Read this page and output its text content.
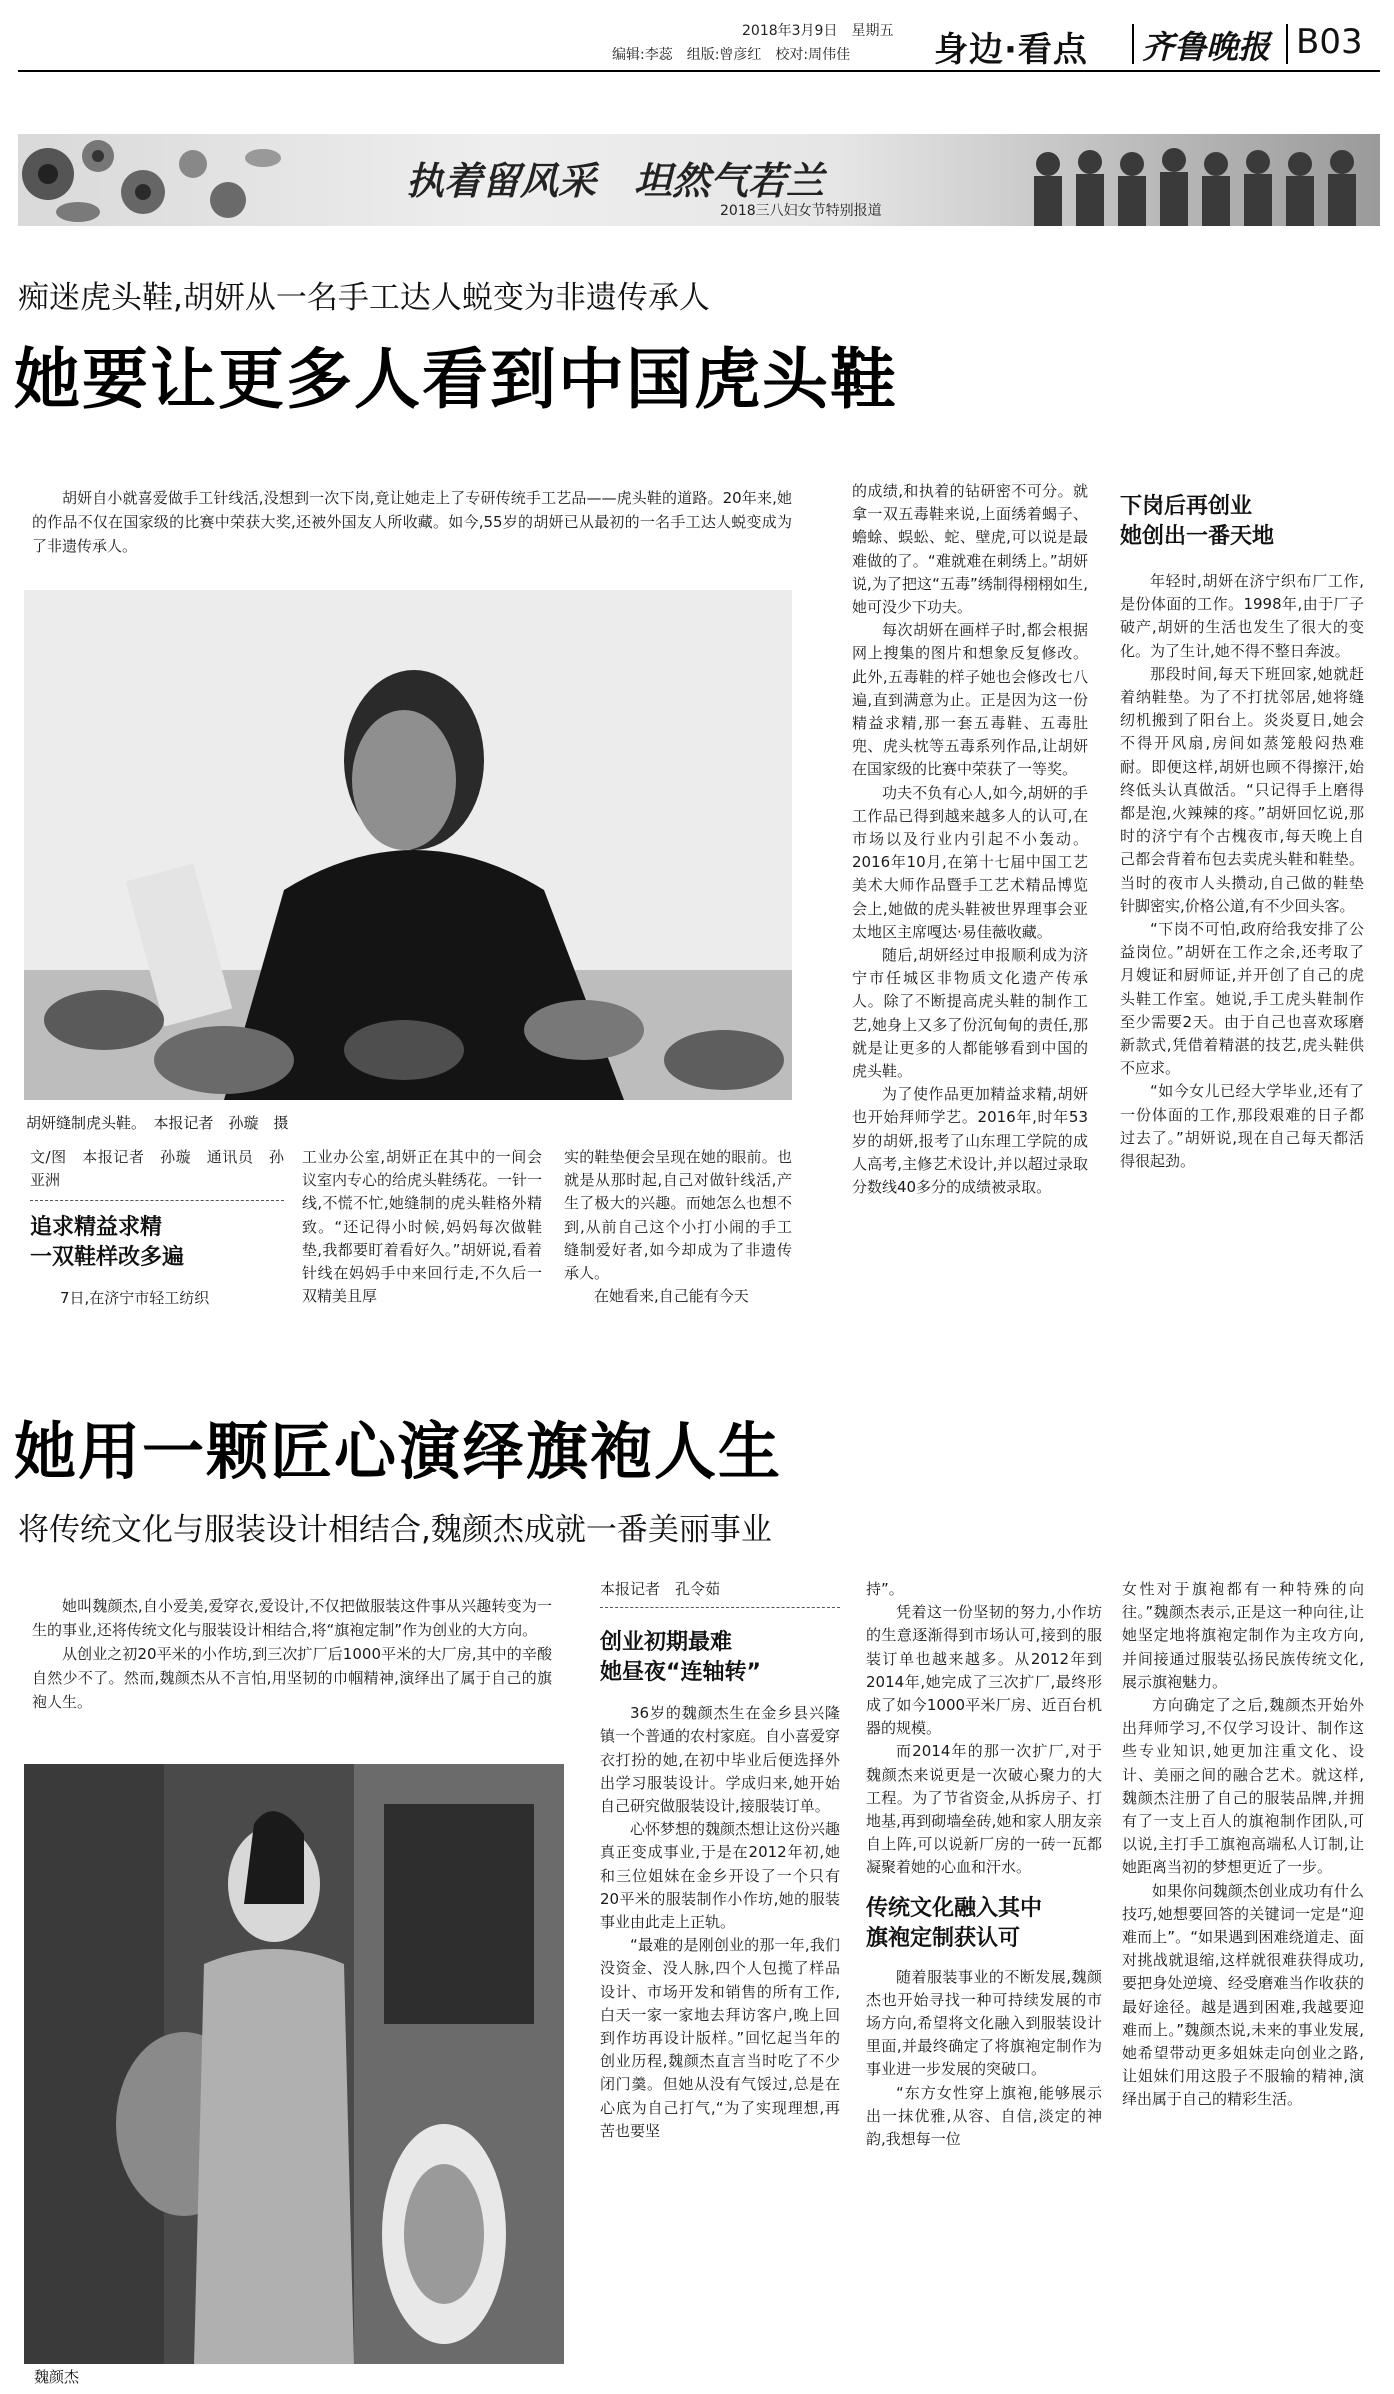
2018年3月9日　星期五
编辑:李蕊　组版:曾彦红　校对:周伟佳 身边·看点 齐鲁晚报 B03
执着留风采　坦然气若兰
2018三八妇女节特别报道
痴迷虎头鞋,胡妍从一名手工达人蜕变为非遗传承人
她要让更多人看到中国虎头鞋

胡妍自小就喜爱做手工针线活,没想到一次下岗,竟让她走上了专研传统手工艺品——虎头鞋的道路。20年来,她的作品不仅在国家级的比赛中荣获大奖,还被外国友人所收藏。如今,55岁的胡妍已从最初的一名手工达人蜕变成为了非遗传承人。

胡妍缝制虎头鞋。　本报记者　孙璇　摄

文/图　本报记者　孙璇　通讯员　孙亚洲

追求精益求精
一双鞋样改多遍

7日,在济宁市轻工纺织

工业办公室,胡妍正在其中的一间会议室内专心的给虎头鞋绣花。一针一线,不慌不忙,她缝制的虎头鞋格外精致。“还记得小时候,妈妈每次做鞋垫,我都要盯着看好久。”胡妍说,看着针线在妈妈手中来回行走,不久后一双精美且厚

实的鞋垫便会呈现在她的眼前。也就是从那时起,自己对做针线活,产生了极大的兴趣。而她怎么也想不到,从前自己这个小打小闹的手工缝制爱好者,如今却成为了非遗传承人。

在她看来,自己能有今天

的成绩,和执着的钻研密不可分。就拿一双五毒鞋来说,上面绣着蝎子、蟾蜍、蜈蚣、蛇、壁虎,可以说是最难做的了。“难就难在刺绣上。”胡妍说,为了把这“五毒”绣制得栩栩如生,她可没少下功夫。

每次胡妍在画样子时,都会根据网上搜集的图片和想象反复修改。此外,五毒鞋的样子她也会修改七八遍,直到满意为止。正是因为这一份精益求精,那一套五毒鞋、五毒肚兜、虎头枕等五毒系列作品,让胡妍在国家级的比赛中荣获了一等奖。

功夫不负有心人,如今,胡妍的手工作品已得到越来越多人的认可,在市场以及行业内引起不小轰动。2016年10月,在第十七届中国工艺美术大师作品暨手工艺术精品博览会上,她做的虎头鞋被世界理事会亚太地区主席嘎达·易佳薇收藏。

随后,胡妍经过申报顺利成为济宁市任城区非物质文化遗产传承人。除了不断提高虎头鞋的制作工艺,她身上又多了份沉甸甸的责任,那就是让更多的人都能够看到中国的虎头鞋。

为了使作品更加精益求精,胡妍也开始拜师学艺。2016年,时年53岁的胡妍,报考了山东理工学院的成人高考,主修艺术设计,并以超过录取分数线40多分的成绩被录取。

下岗后再创业
她创出一番天地

年轻时,胡妍在济宁织布厂工作,是份体面的工作。1998年,由于厂子破产,胡妍的生活也发生了很大的变化。为了生计,她不得不整日奔波。

那段时间,每天下班回家,她就赶着纳鞋垫。为了不打扰邻居,她将缝纫机搬到了阳台上。炎炎夏日,她会不得开风扇,房间如蒸笼般闷热难耐。即便这样,胡妍也顾不得擦汗,始终低头认真做活。“只记得手上磨得都是泡,火辣辣的疼。”胡妍回忆说,那时的济宁有个古槐夜市,每天晚上自己都会背着布包去卖虎头鞋和鞋垫。当时的夜市人头攒动,自己做的鞋垫针脚密实,价格公道,有不少回头客。

“下岗不可怕,政府给我安排了公益岗位。”胡妍在工作之余,还考取了月嫂证和厨师证,并开创了自己的虎头鞋工作室。她说,手工虎头鞋制作至少需要2天。由于自己也喜欢琢磨新款式,凭借着精湛的技艺,虎头鞋供不应求。

“如今女儿已经大学毕业,还有了一份体面的工作,那段艰难的日子都过去了。”胡妍说,现在自己每天都活得很起劲。

她用一颗匠心演绎旗袍人生
将传统文化与服装设计相结合,魏颜杰成就一番美丽事业

她叫魏颜杰,自小爱美,爱穿衣,爱设计,不仅把做服装这件事从兴趣转变为一生的事业,还将传统文化与服装设计相结合,将“旗袍定制”作为创业的大方向。

从创业之初20平米的小作坊,到三次扩厂后1000平米的大厂房,其中的辛酸自然少不了。然而,魏颜杰从不言怕,用坚韧的巾帼精神,演绎出了属于自己的旗袍人生。

魏颜杰

本报记者　孔令茹

创业初期最难
她昼夜“连轴转”

36岁的魏颜杰生在金乡县兴隆镇一个普通的农村家庭。自小喜爱穿衣打扮的她,在初中毕业后便选择外出学习服装设计。学成归来,她开始自己研究做服装设计,接服装订单。

心怀梦想的魏颜杰想让这份兴趣真正变成事业,于是在2012年初,她和三位姐妹在金乡开设了一个只有20平米的服装制作小作坊,她的服装事业由此走上正轨。

“最难的是刚创业的那一年,我们没资金、没人脉,四个人包揽了样品设计、市场开发和销售的所有工作,白天一家一家地去拜访客户,晚上回到作坊再设计版样。”回忆起当年的创业历程,魏颜杰直言当时吃了不少闭门羹。但她从没有气馁过,总是在心底为自己打气,“为了实现理想,再苦也要坚

持”。

凭着这一份坚韧的努力,小作坊的生意逐渐得到市场认可,接到的服装订单也越来越多。从2012年到2014年,她完成了三次扩厂,最终形成了如今1000平米厂房、近百台机器的规模。

而2014年的那一次扩厂,对于魏颜杰来说更是一次破心聚力的大工程。为了节省资金,从拆房子、打地基,再到砌墙垒砖,她和家人朋友亲自上阵,可以说新厂房的一砖一瓦都凝聚着她的心血和汗水。

传统文化融入其中
旗袍定制获认可

随着服装事业的不断发展,魏颜杰也开始寻找一种可持续发展的市场方向,希望将文化融入到服装设计里面,并最终确定了将旗袍定制作为事业进一步发展的突破口。

“东方女性穿上旗袍,能够展示出一抹优雅,从容、自信,淡定的神韵,我想每一位

女性对于旗袍都有一种特殊的向往。”魏颜杰表示,正是这一种向往,让她坚定地将旗袍定制作为主攻方向,并间接通过服装弘扬民族传统文化,展示旗袍魅力。

方向确定了之后,魏颜杰开始外出拜师学习,不仅学习设计、制作这些专业知识,她更加注重文化、设计、美丽之间的融合艺术。就这样,魏颜杰注册了自己的服装品牌,并拥有了一支上百人的旗袍制作团队,可以说,主打手工旗袍高端私人订制,让她距离当初的梦想更近了一步。

如果你问魏颜杰创业成功有什么技巧,她想要回答的关键词一定是“迎难而上”。“如果遇到困难绕道走、面对挑战就退缩,这样就很难获得成功,要把身处逆境、经受磨难当作收获的最好途径。越是遇到困难,我越要迎难而上。”魏颜杰说,未来的事业发展,她希望带动更多姐妹走向创业之路,让姐妹们用这股子不服输的精神,演绎出属于自己的精彩生活。
